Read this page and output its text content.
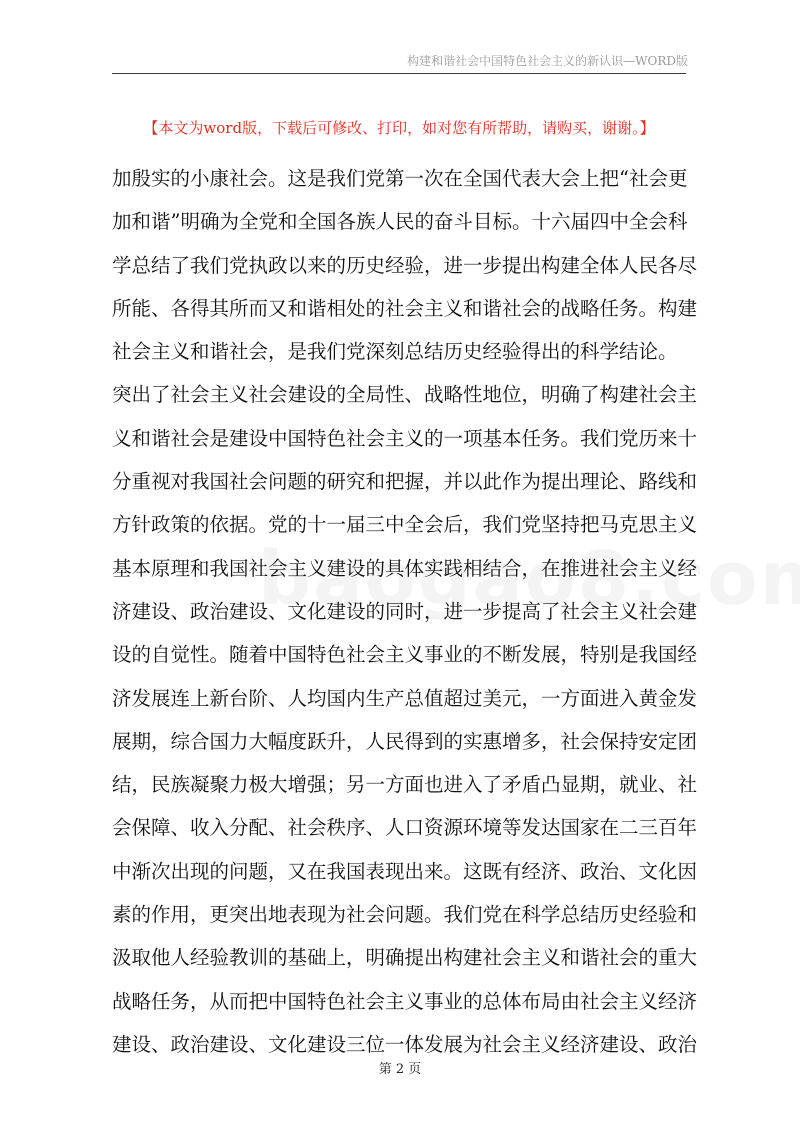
构建和谐社会中国特色社会主义的新认识—WORD版
【本文为word版，下载后可修改、打印，如对您有所帮助，请购买，谢谢。】
加殷实的小康社会。这是我们党第一次在全国代表大会上把“社会更
加和谐”明确为全党和全国各族人民的奋斗目标。十六届四中全会科
学总结了我们党执政以来的历史经验，进一步提出构建全体人民各尽
所能、各得其所而又和谐相处的社会主义和谐社会的战略任务。构建
社会主义和谐社会，是我们党深刻总结历史经验得出的科学结论。
突出了社会主义社会建设的全局性、战略性地位，明确了构建社会主
义和谐社会是建设中国特色社会主义的一项基本任务。我们党历来十
分重视对我国社会问题的研究和把握，并以此作为提出理论、路线和
方针政策的依据。党的十一届三中全会后，我们党坚持把马克思主义
基本原理和我国社会主义建设的具体实践相结合，在推进社会主义经
济建设、政治建设、文化建设的同时，进一步提高了社会主义社会建
设的自觉性。随着中国特色社会主义事业的不断发展，特别是我国经
济发展连上新台阶、人均国内生产总值超过美元，一方面进入黄金发
展期，综合国力大幅度跃升，人民得到的实惠增多，社会保持安定团
结，民族凝聚力极大增强；另一方面也进入了矛盾凸显期，就业、社
会保障、收入分配、社会秩序、人口资源环境等发达国家在二三百年
中渐次出现的问题，又在我国表现出来。这既有经济、政治、文化因
素的作用，更突出地表现为社会问题。我们党在科学总结历史经验和
汲取他人经验教训的基础上，明确提出构建社会主义和谐社会的重大
战略任务，从而把中国特色社会主义事业的总体布局由社会主义经济
建设、政治建设、文化建设三位一体发展为社会主义经济建设、政治
第 2 页
